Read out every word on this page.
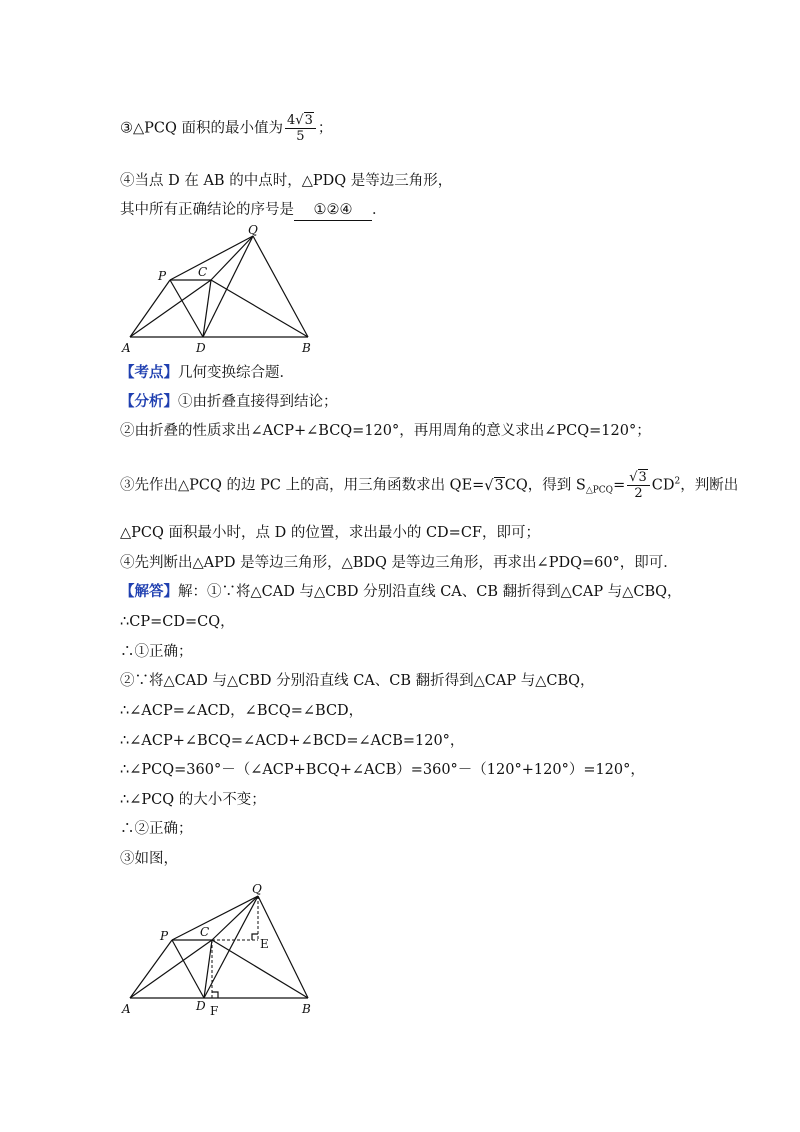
③△PCQ 面积的最小值为 $\frac{4√3}{5}$ ；
④当点 D 在 AB 的中点时，△PDQ 是等边三角形，
其中所有正确结论的序号是 ①②④ ．
Q
P	C
A	D	B
【考点】几何变换综合题．
【分析】①由折叠直接得到结论；
②由折叠的性质求出∠ACP+∠BCQ=120°，再用周角的意义求出∠PCQ=120°；
③先作出△PCQ 的边 PC 上的高，用三角函数求出 QE=√3CQ，得到 $S_{\triangle PCQ}= \frac{√3}{2} CD^2$，判断出
△PCQ 面积最小时，点 D 的位置，求出最小的 CD=CF，即可；
④先判断出△APD 是等边三角形，△BDQ 是等边三角形，再求出∠PDQ=60°，即可．
【解答】解：①∵将△CAD 与△CBD 分别沿直线 CA、CB 翻折得到△CAP 与△CBQ，
∴CP=CD=CQ，
∴①正确；
②∵将△CAD 与△CBD 分别沿直线 CA、CB 翻折得到△CAP 与△CBQ，
∴∠ACP=∠ACD，∠BCQ=∠BCD，
∴∠ACP+∠BCQ=∠ACD+∠BCD=∠ACB=120°，
∴∠PCQ=360°－（∠ACP+BCQ+∠ACB）=360°－（120°+120°）=120°，
∴∠PCQ 的大小不变；
∴②正确；
③如图，
Q
P	C
E
A	D F	B
